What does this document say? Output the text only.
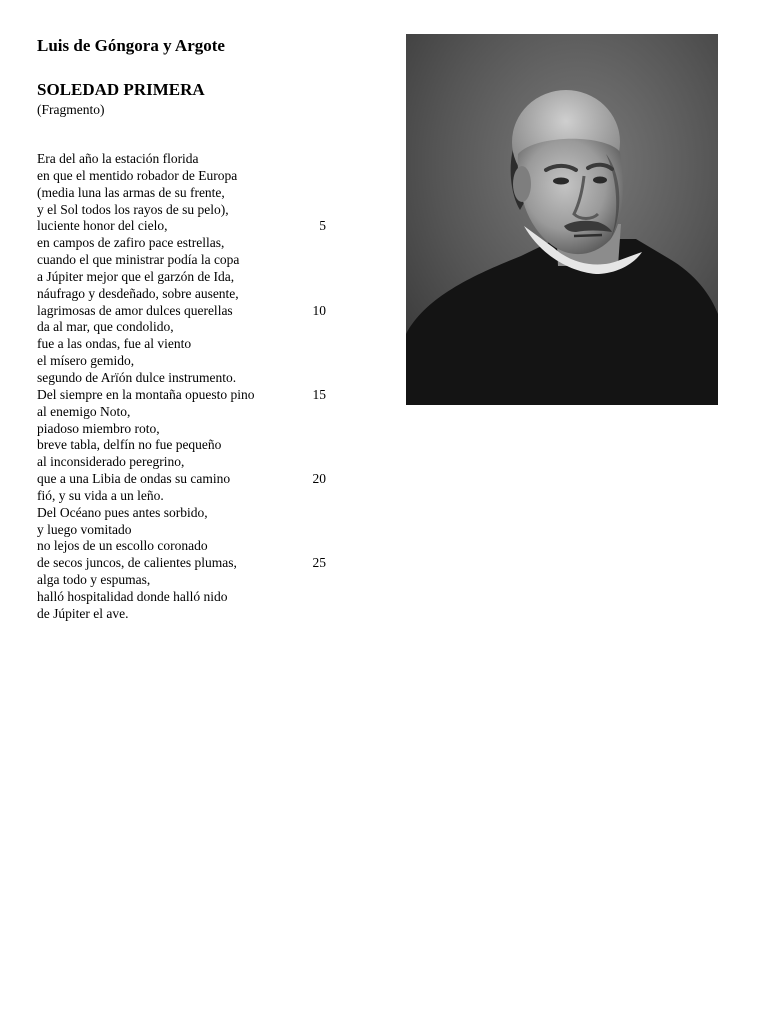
Luis de Góngora y Argote
SOLEDAD PRIMERA

(Fragmento)

Era del año la estación florida
en que el mentido robador de Europa
(media luna las armas de su frente,
y el Sol todos los rayos de su pelo),
luciente honor del cielo,	5
en campos de zafiro pace estrellas,
cuando el que ministrar podía la copa
a Júpiter mejor que el garzón de Ida,
náufrago y desdeñado, sobre ausente,
lagrimosas de amor dulces querellas	10
da al mar, que condolido,
fue a las ondas, fue al viento
el mísero gemido,
segundo de Arïón dulce instrumento.
Del siempre en la montaña opuesto pino	15
al enemigo Noto,
piadoso miembro roto,
breve tabla, delfín no fue pequeño
al inconsiderado peregrino,
que a una Libia de ondas su camino	20
fió, y su vida a un leño.
Del Océano pues antes sorbido,
y luego vomitado
no lejos de un escollo coronado
de secos juncos, de calientes plumas,	25
alga todo y espumas,
halló hospitalidad donde halló nido
de Júpiter el ave.
